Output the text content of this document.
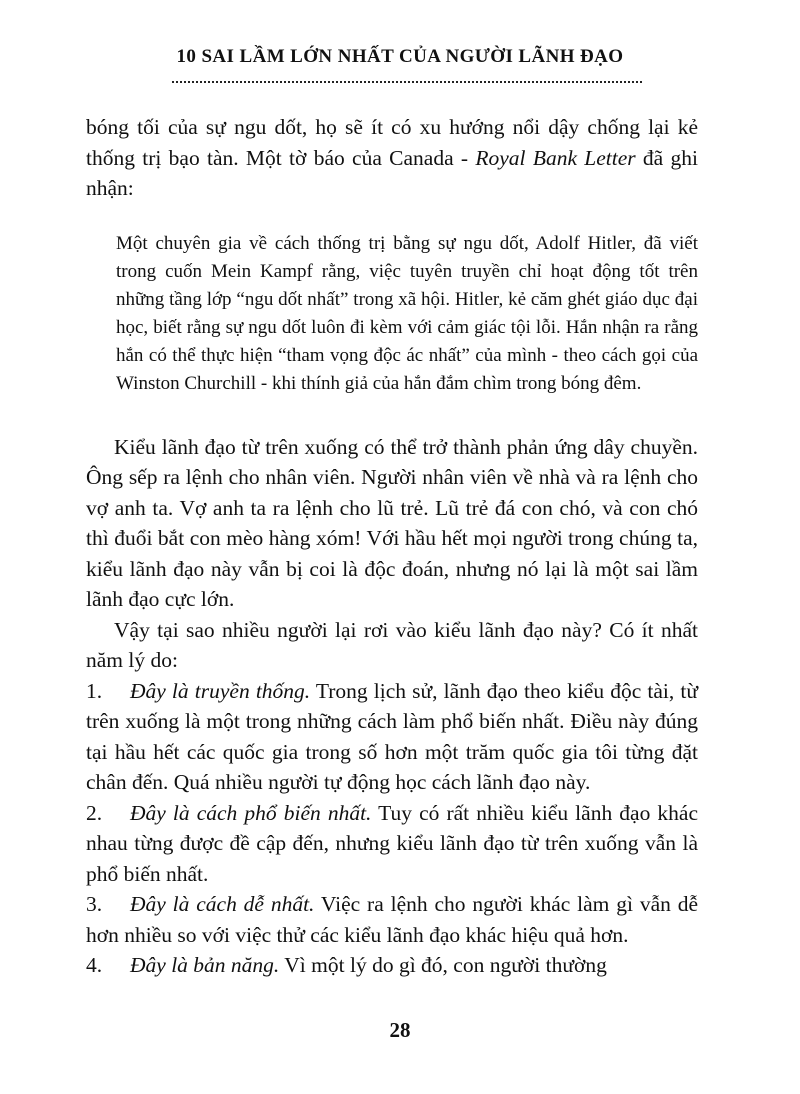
10 SAI LẦM LỚN NHẤT CỦA NGƯỜI LÃNH ĐẠO

bóng tối của sự ngu dốt, họ sẽ ít có xu hướng nổi dậy chống lại kẻ thống trị bạo tàn. Một tờ báo của Canada - Royal Bank Letter đã ghi nhận:

Một chuyên gia về cách thống trị bằng sự ngu dốt, Adolf Hitler, đã viết trong cuốn Mein Kampf rằng, việc tuyên truyền chỉ hoạt động tốt trên những tầng lớp “ngu dốt nhất” trong xã hội. Hitler, kẻ căm ghét giáo dục đại học, biết rằng sự ngu dốt luôn đi kèm với cảm giác tội lỗi. Hắn nhận ra rằng hắn có thể thực hiện “tham vọng độc ác nhất” của mình - theo cách gọi của Winston Churchill - khi thính giả của hắn đắm chìm trong bóng đêm.

Kiểu lãnh đạo từ trên xuống có thể trở thành phản ứng dây chuyền. Ông sếp ra lệnh cho nhân viên. Người nhân viên về nhà và ra lệnh cho vợ anh ta. Vợ anh ta ra lệnh cho lũ trẻ. Lũ trẻ đá con chó, và con chó thì đuổi bắt con mèo hàng xóm! Với hầu hết mọi người trong chúng ta, kiểu lãnh đạo này vẫn bị coi là độc đoán, nhưng nó lại là một sai lầm lãnh đạo cực lớn.

Vậy tại sao nhiều người lại rơi vào kiểu lãnh đạo này? Có ít nhất năm lý do:

1. Đây là truyền thống. Trong lịch sử, lãnh đạo theo kiểu độc tài, từ trên xuống là một trong những cách làm phổ biến nhất. Điều này đúng tại hầu hết các quốc gia trong số hơn một trăm quốc gia tôi từng đặt chân đến. Quá nhiều người tự động học cách lãnh đạo này.

2. Đây là cách phổ biến nhất. Tuy có rất nhiều kiểu lãnh đạo khác nhau từng được đề cập đến, nhưng kiểu lãnh đạo từ trên xuống vẫn là phổ biến nhất.

3. Đây là cách dễ nhất. Việc ra lệnh cho người khác làm gì vẫn dễ hơn nhiều so với việc thử các kiểu lãnh đạo khác hiệu quả hơn.

4. Đây là bản năng. Vì một lý do gì đó, con người thường

28
